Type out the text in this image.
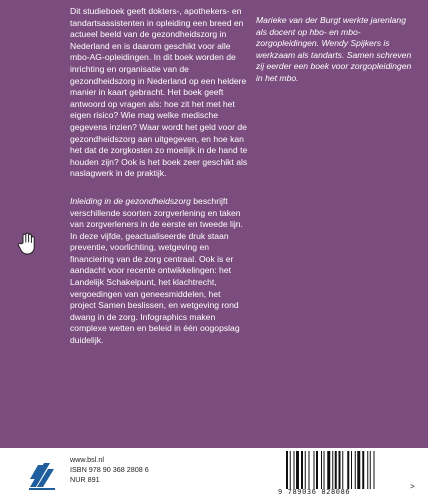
Dit studieboek geeft dokters-, apothekers- en tandartsassistenten in opleiding een breed en actueel beeld van de gezondheidszorg in Nederland en is daarom geschikt voor alle mbo-AG-opleidingen. In dit boek worden de inrichting en organisatie van de gezondheidszorg in Nederland op een heldere manier in kaart gebracht. Het boek geeft antwoord op vragen als: hoe zit het met het eigen risico? Wie mag welke medische gegevens inzien? Waar wordt het geld voor de gezondheidszorg aan uitgegeven, en hoe kan het dat de zorgkosten zo moeilijk in de hand te houden zijn? Ook is het boek zeer geschikt als naslagwerk in de praktijk.

Inleiding in de gezondheidszorg beschrijft verschillende soorten zorgverlening en taken van zorgverleners in de eerste en tweede lijn. In deze vijfde, geactualiseerde druk staan preventie, voorlichting, wetgeving en financiering van de zorg centraal. Ook is er aandacht voor recente ontwikkelingen: het Landelijk Schakelpunt, het klachtrecht, vergoedingen van geneesmiddelen, het project Samen beslissen, en wetgeving rond dwang in de zorg. Infographics maken complexe wetten en beleid in één oogopslag duidelijk.

Marieke van der Burgt werkte jarenlang als docent op hbo- en mbo-zorgopleidingen. Wendy Spijkers is werkzaam als tandarts. Samen schreven zij eerder een boek voor zorgopleidingen in het mbo.

www.bsl.nl
ISBN 978 90 368 2808 6
NUR 891
9 789036 828086
>
